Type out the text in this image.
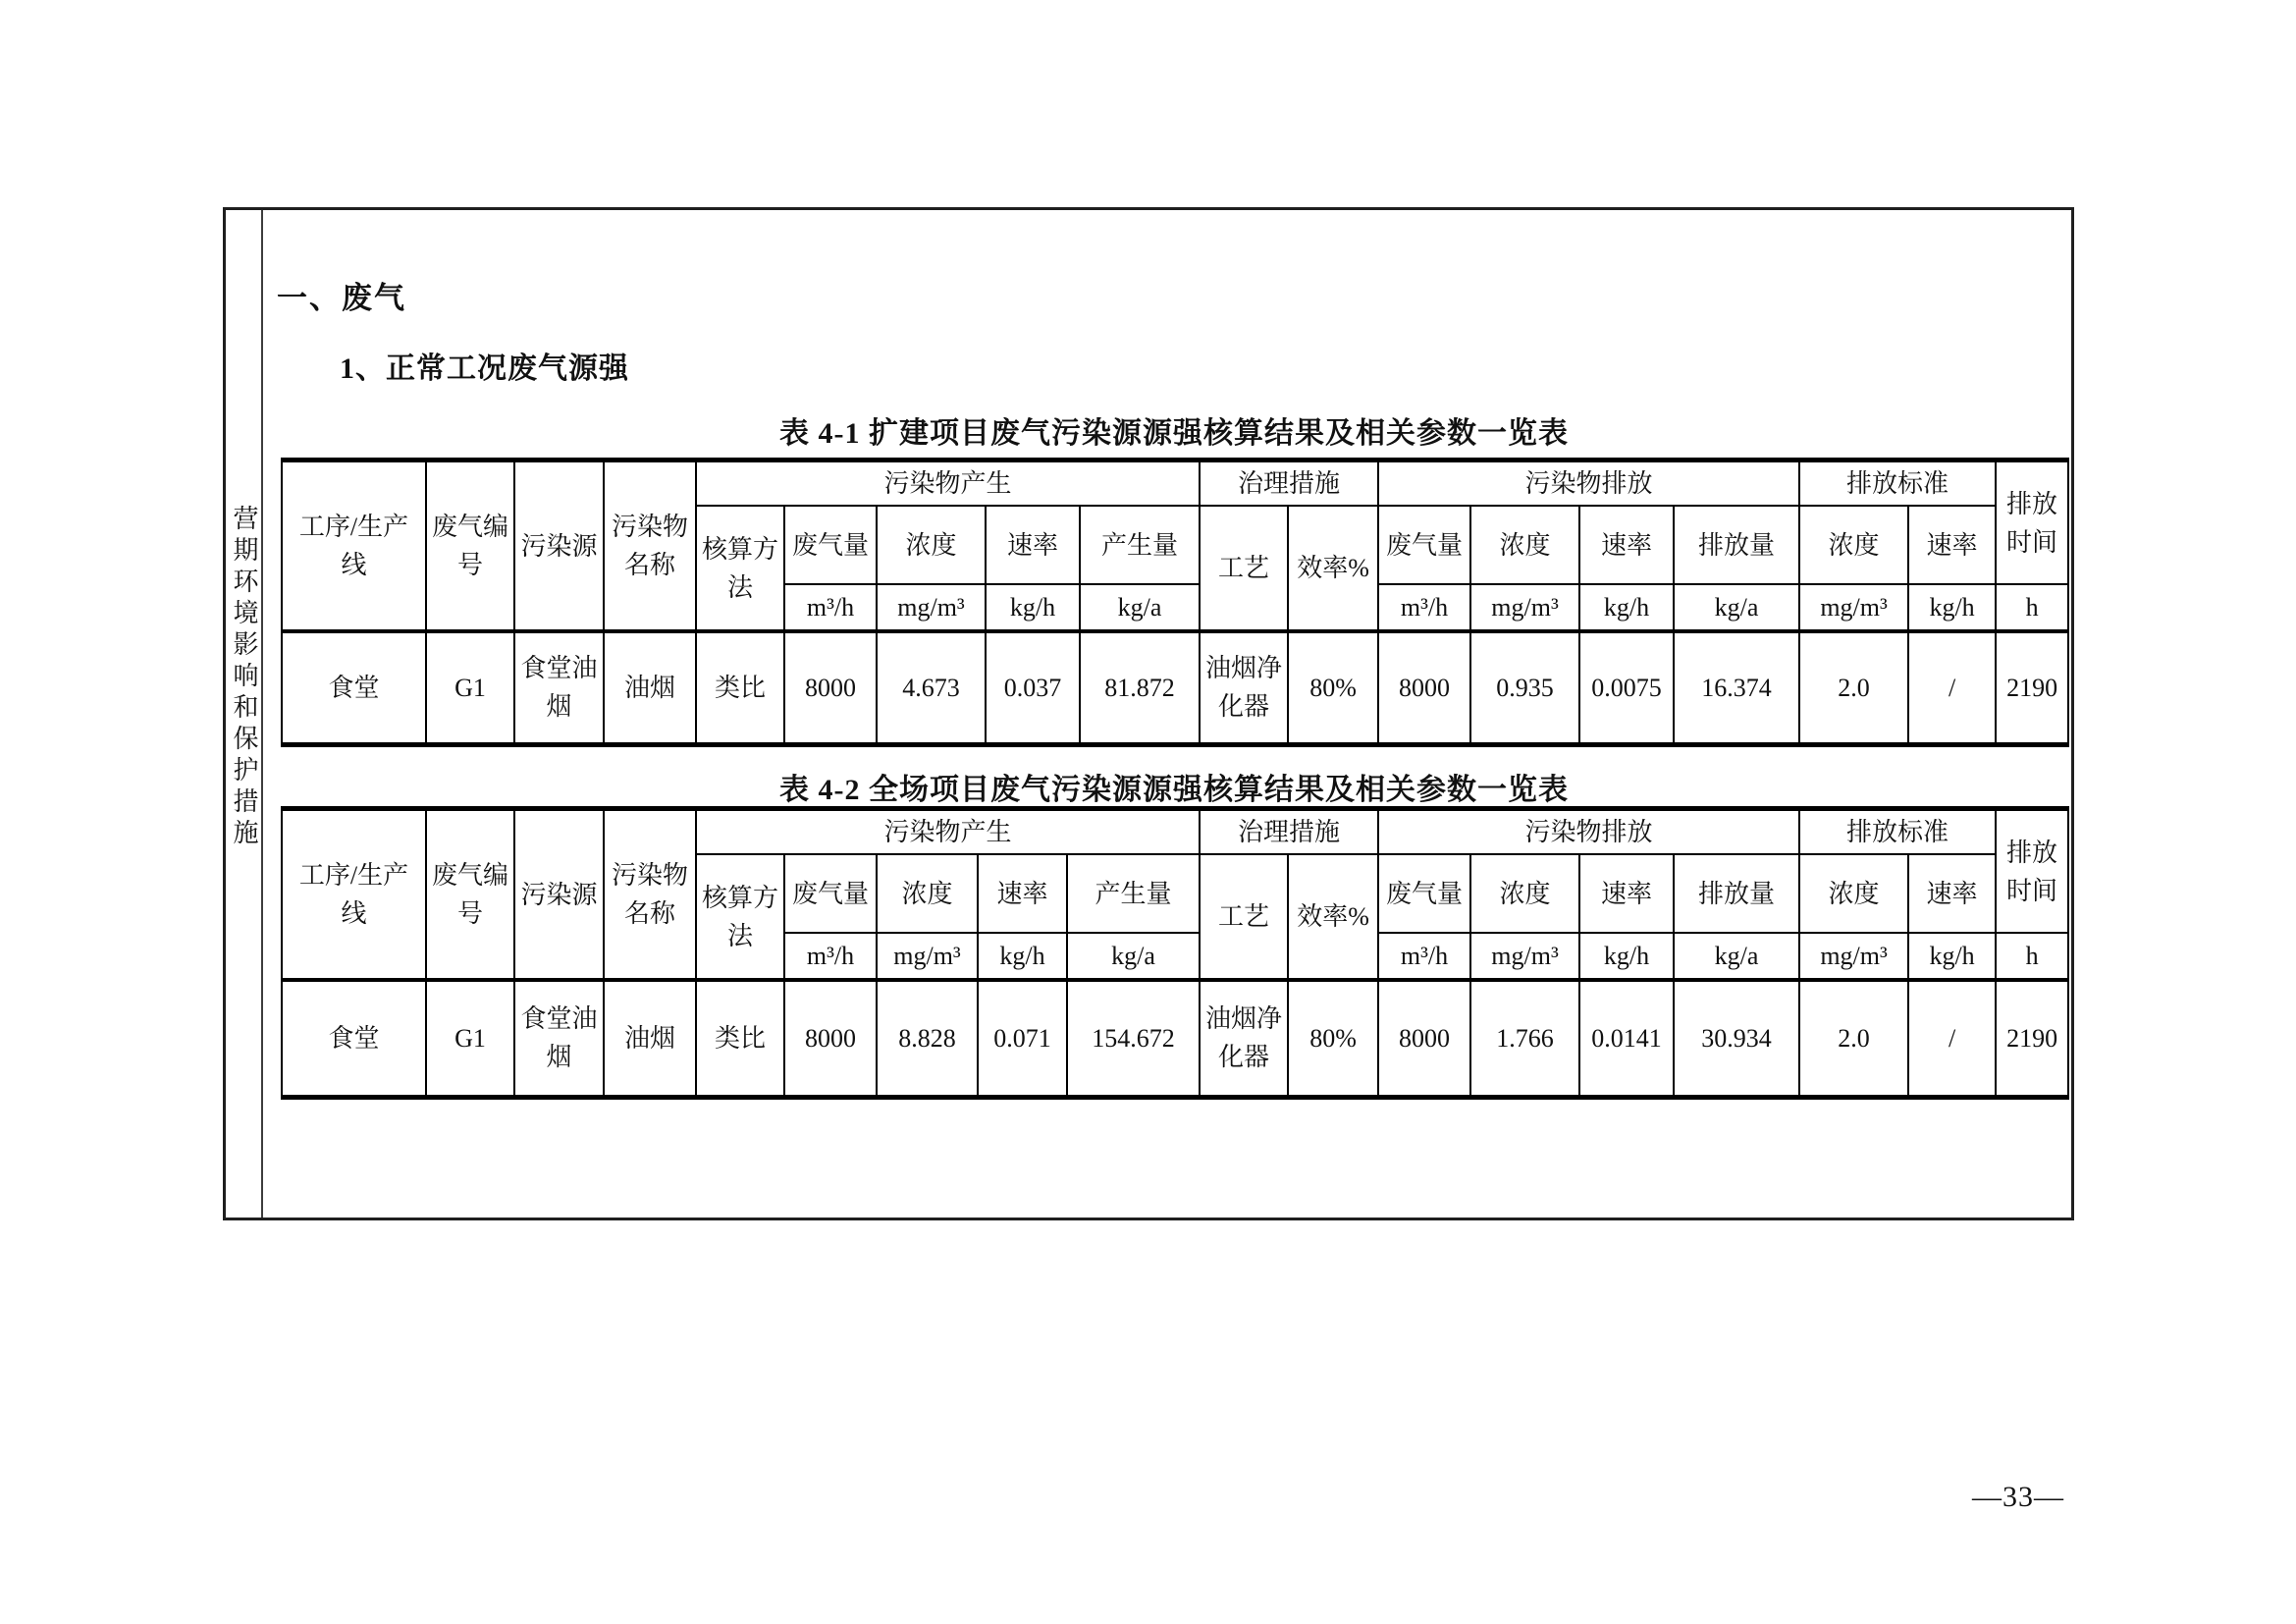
营期环境影响和保护措施
一、废气
1、正常工况废气源强
表 4-1 扩建项目废气污染源源强核算结果及相关参数一览表
工序/生产线	废气编号	污染源	污染物名称	污染物产生					治理措施		污染物排放				排放标准		排放时间
				核算方法	废气量	浓度	速率	产生量	工艺	效率%	废气量	浓度	速率	排放量	浓度	速率	
					m³/h	mg/m³	kg/h	kg/a			m³/h	mg/m³	kg/h	kg/a	mg/m³	kg/h	h
食堂	G1	食堂油烟	油烟	类比	8000	4.673	0.037	81.872	油烟净化器	80%	8000	0.935	0.0075	16.374	2.0	/	2190
表 4-2 全场项目废气污染源源强核算结果及相关参数一览表
工序/生产线	废气编号	污染源	污染物名称	污染物产生					治理措施		污染物排放				排放标准		排放时间
				核算方法	废气量	浓度	速率	产生量	工艺	效率%	废气量	浓度	速率	排放量	浓度	速率	
					m³/h	mg/m³	kg/h	kg/a			m³/h	mg/m³	kg/h	kg/a	mg/m³	kg/h	h
食堂	G1	食堂油烟	油烟	类比	8000	8.828	0.071	154.672	油烟净化器	80%	8000	1.766	0.0141	30.934	2.0	/	2190
—33—
